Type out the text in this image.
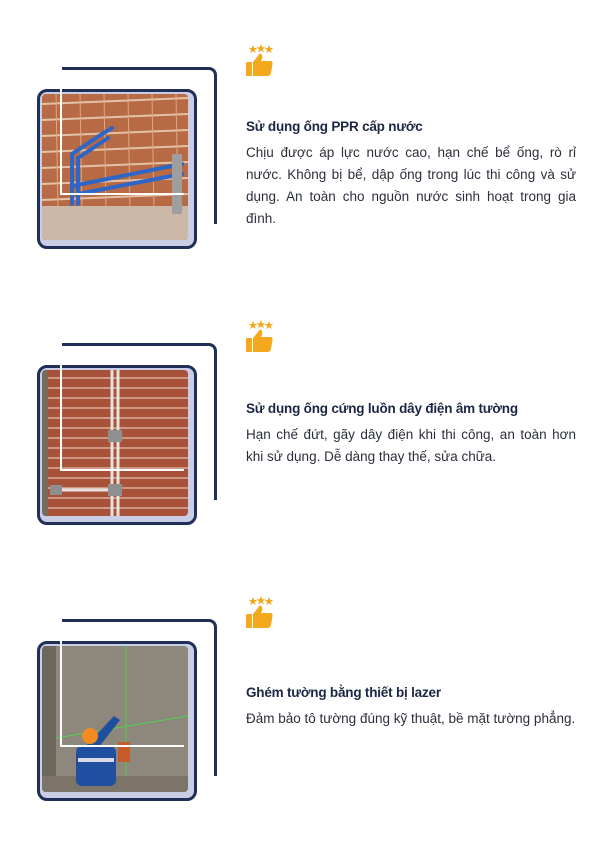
Sử dụng ống PPR cấp nước
Chịu được áp lực nước cao, hạn chế bể ống, rò rỉ nước. Không bị bể, dập ống trong lúc thi công và sử dụng. An toàn cho nguồn nước sinh hoạt trong gia đình.
Sử dụng ống cứng luồn dây điện âm tường
Hạn chế đứt, gãy dây điện khi thi công, an toàn hơn khi sử dụng. Dễ dàng thay thế, sửa chữa.
Ghém tường bằng thiết bị lazer
Đảm bảo tô tường đúng kỹ thuật, bề mặt tường phẳng.
